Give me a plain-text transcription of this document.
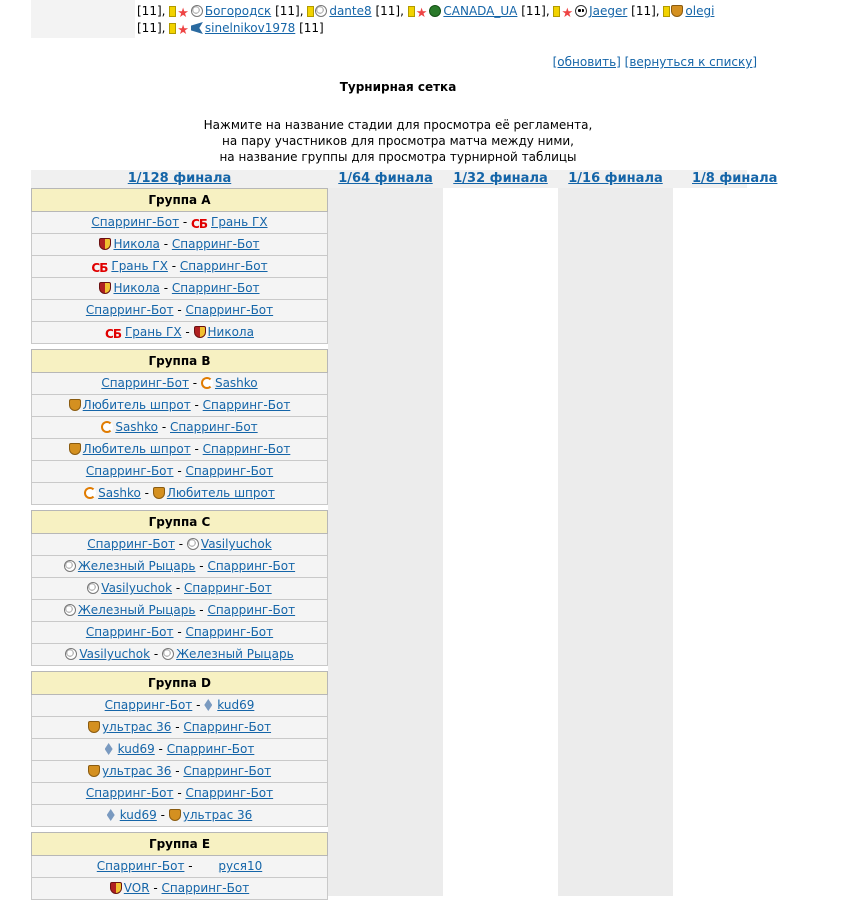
[11], ★ Богородск [11], dante8 [11], ★ CANADA_UA [11], ★ Jaeger [11], olegi
[11], ★ sinelnikov1978 [11]
[обновить] [вернуться к списку]
Турнирная сетка
Нажмите на название стадии для просмотра её регламента,
на пару участников для просмотра матча между ними,
на название группы для просмотра турнирной таблицы
1/128 финала	1/64 финала	1/32 финала	1/16 финала	1/8 финала
Группа A
Спарринг-Бот - СБ Грань ГХ
Никола - Спарринг-Бот
СБ Грань ГХ - Спарринг-Бот
Никола - Спарринг-Бот
Спарринг-Бот - Спарринг-Бот
СБ Грань ГХ - Никола
Группа B
Спарринг-Бот - Sashko
Любитель шпрот - Спарринг-Бот
Sashko - Спарринг-Бот
Любитель шпрот - Спарринг-Бот
Спарринг-Бот - Спарринг-Бот
Sashko - Любитель шпрот
Группа C
Спарринг-Бот - Vasilyuchok
Железный Рыцарь - Спарринг-Бот
Vasilyuchok - Спарринг-Бот
Железный Рыцарь - Спарринг-Бот
Спарринг-Бот - Спарринг-Бот
Vasilyuchok - Железный Рыцарь
Группа D
Спарринг-Бот - kud69
ультрас 36 - Спарринг-Бот
kud69 - Спарринг-Бот
ультрас 36 - Спарринг-Бот
Спарринг-Бот - Спарринг-Бот
kud69 - ультрас 36
Группа E
Спарринг-Бот - руся10
VOR - Спарринг-Бот
